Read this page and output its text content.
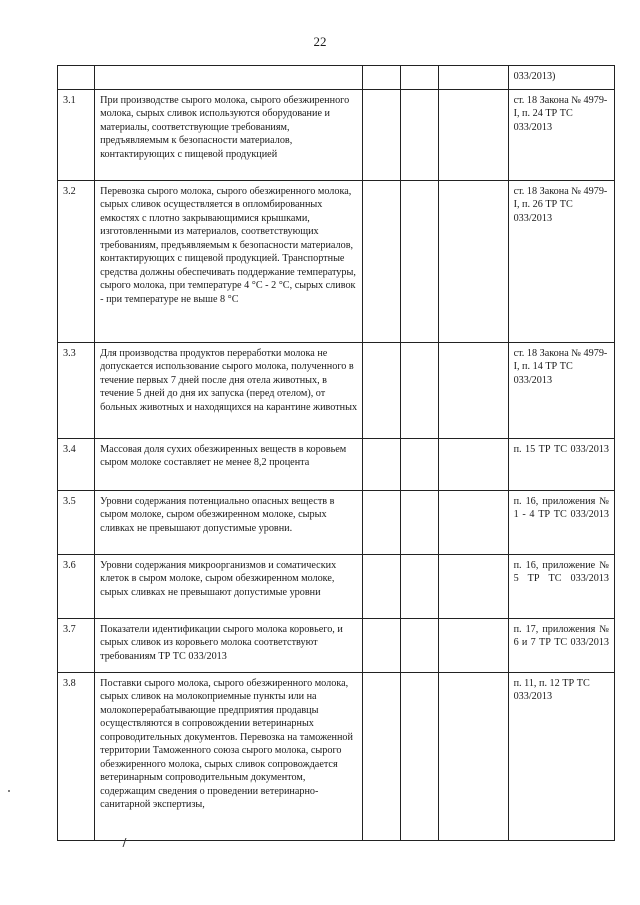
22
					033/2013)
3.1	При производстве сырого молока, сырого обезжиренного молока, сырых сливок используются оборудование и материалы, соответствующие требованиям, предъявляемым к безопасности материалов, контактирующих с пищевой продукцией				ст. 18 Закона № 4979-I, п. 24 ТР ТС 033/2013
3.2	Перевозка сырого молока, сырого обезжиренного молока, сырых сливок осуществляется в опломбированных емкостях с плотно закрывающимися крышками, изготовленными из материалов, соответствующих требованиям, предъявляемым к безопасности материалов, контактирующих с пищевой продукцией. Транспортные средства должны обеспечивать поддержание температуры, сырого молока, при температуре 4 °С - 2 °С, сырых сливок - при температуре не выше 8 °С				ст. 18 Закона № 4979-I, п. 26 ТР ТС 033/2013
3.3	Для производства продуктов переработки молока не допускается использование сырого молока, полученного в течение первых 7 дней после дня отела животных, в течение 5 дней до дня их запуска (перед отелом), от больных животных и находящихся на карантине животных				ст. 18 Закона № 4979-I, п. 14 ТР ТС 033/2013
3.4	Массовая доля сухих обезжиренных веществ в коровьем сыром молоке составляет не менее 8,2 процента				п. 15 ТР ТС 033/2013
3.5	Уровни содержания потенциально опасных веществ в сыром молоке, сыром обезжиренном молоке, сырых сливках не превышают допустимые уровни.				п. 16, приложения № 1 - 4 ТР ТС 033/2013
3.6	Уровни содержания микроорганизмов и соматических клеток в сыром молоке, сыром обезжиренном молоке, сырых сливках не превышают допустимые уровни				п. 16, приложение № 5 ТР ТС 033/2013
3.7	Показатели идентификации сырого молока коровьего, и сырых сливок из коровьего молока соответствуют требованиям ТР ТС 033/2013				п. 17, приложения № 6 и 7 ТР ТС 033/2013
3.8	Поставки сырого молока, сырого обезжиренного молока, сырых сливок на молокоприемные пункты или на молокоперерабатывающие предприятия продавцы осуществляются в сопровождении ветеринарных сопроводительных документов. Перевозка на таможенной территории Таможенного союза сырого молока, сырого обезжиренного молока, сырых сливок сопровождается ветеринарным сопроводительным документом, содержащим сведения о проведении ветеринарно-санитарной экспертизы,				п. 11, п. 12 ТР ТС 033/2013
